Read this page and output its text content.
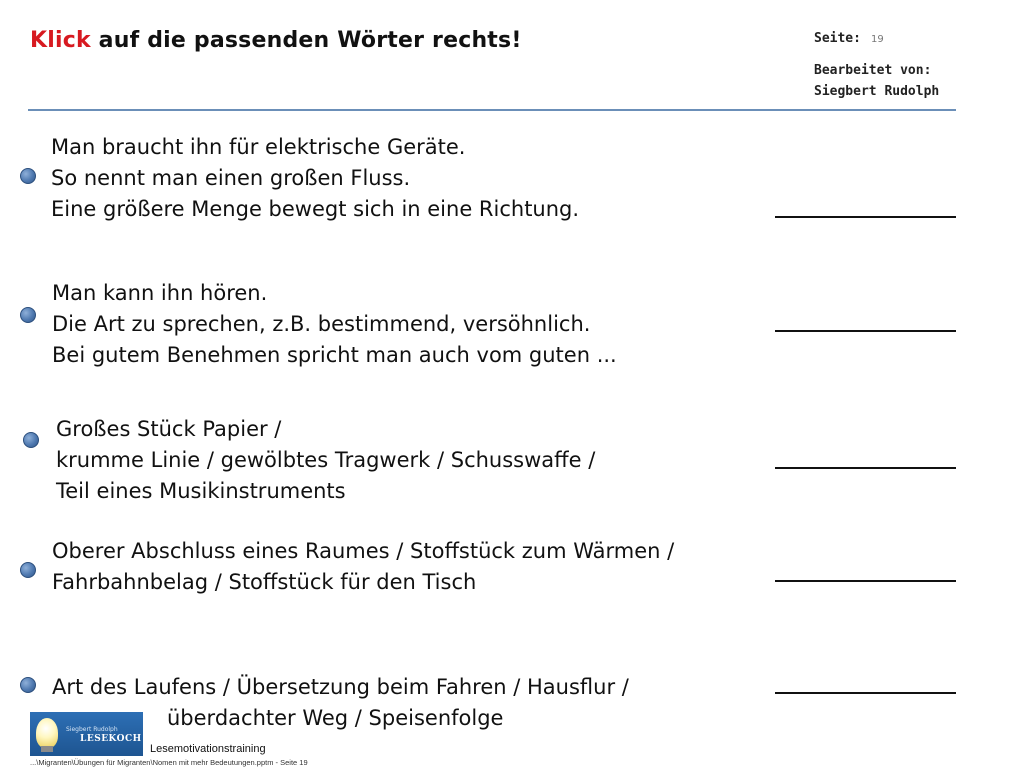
Klick auf die passenden Wörter rechts!	Seite: 19
Bearbeitet von:
Siegbert Rudolph
Man braucht ihn für elektrische Geräte.
So nennt man einen großen Fluss.
Eine größere Menge bewegt sich in eine Richtung.
Man kann ihn hören.
Die Art zu sprechen, z.B. bestimmend, versöhnlich.
Bei gutem Benehmen spricht man auch vom guten ...
Großes Stück Papier /
krumme Linie / gewölbtes Tragwerk / Schusswaffe /
Teil eines Musikinstruments
Oberer Abschluss eines Raumes / Stoffstück zum Wärmen /
Fahrbahnbelag / Stoffstück für den Tisch
Art des Laufens / Übersetzung beim Fahren / Hausflur /
überdachter Weg / Speisenfolge
Siegbert Rudolph
LESEKOCH
Lesemotivationstraining
...\Migranten\Übungen für Migranten\Nomen mit mehr Bedeutungen.pptm - Seite 19
